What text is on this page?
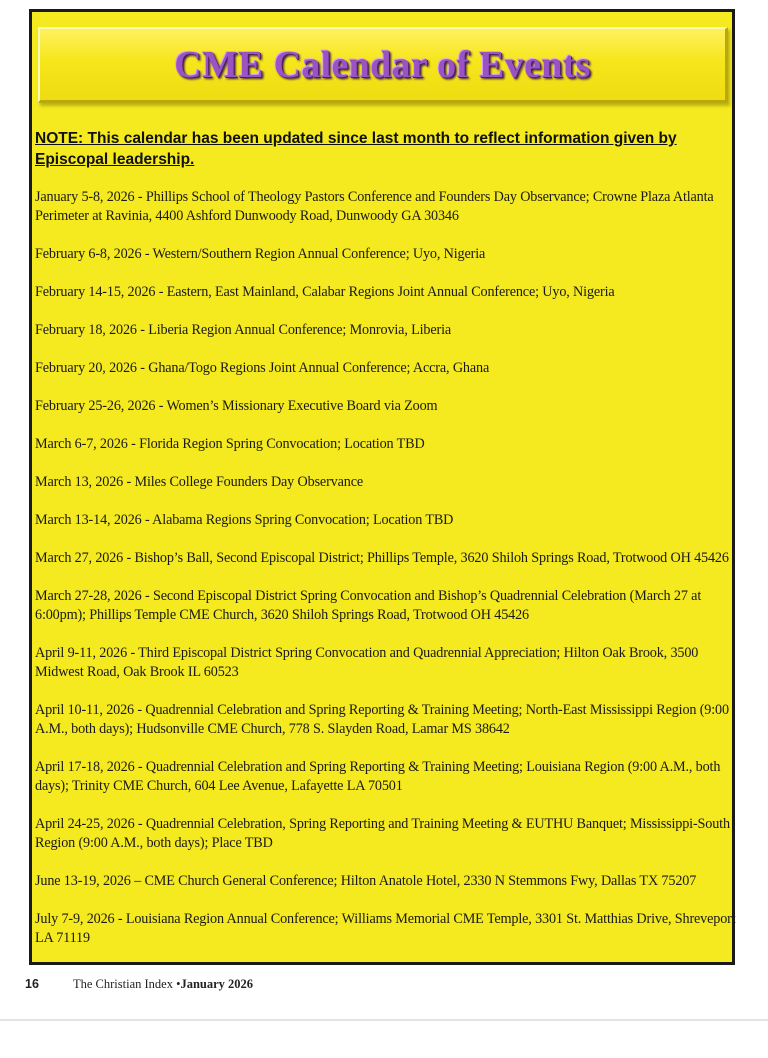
CME Calendar of Events

NOTE: This calendar has been updated since last month to reflect information given by Episcopal leadership.

January 5-8, 2026 - Phillips School of Theology Pastors Conference and Founders Day Observance; Crowne Plaza Atlanta Perimeter at Ravinia, 4400 Ashford Dunwoody Road, Dunwoody GA 30346
February 6-8, 2026 - Western/Southern Region Annual Conference; Uyo, Nigeria
February 14-15, 2026 - Eastern, East Mainland, Calabar Regions Joint Annual Conference; Uyo, Nigeria
February 18, 2026 - Liberia Region Annual Conference; Monrovia, Liberia
February 20, 2026 - Ghana/Togo Regions Joint Annual Conference; Accra, Ghana
February 25-26, 2026 - Women’s Missionary Executive Board via Zoom
March 6-7, 2026 - Florida Region Spring Convocation; Location TBD
March 13, 2026 - Miles College Founders Day Observance
March 13-14, 2026 - Alabama Regions Spring Convocation; Location TBD
March 27, 2026 - Bishop’s Ball, Second Episcopal District; Phillips Temple, 3620 Shiloh Springs Road, Trotwood OH 45426
March 27-28, 2026 - Second Episcopal District Spring Convocation and Bishop’s Quadrennial Celebration (March 27 at 6:00pm); Phillips Temple CME Church, 3620 Shiloh Springs Road, Trotwood OH 45426
April 9-11, 2026 - Third Episcopal District Spring Convocation and Quadrennial Appreciation; Hilton Oak Brook, 3500 Midwest Road, Oak Brook IL 60523
April 10-11, 2026 - Quadrennial Celebration and Spring Reporting & Training Meeting; North-East Mississippi Region (9:00 A.M., both days); Hudsonville CME Church, 778 S. Slayden Road, Lamar MS 38642
April 17-18, 2026 - Quadrennial Celebration and Spring Reporting & Training Meeting; Louisiana Region (9:00 A.M., both days); Trinity CME Church, 604 Lee Avenue, Lafayette LA 70501
April 24-25, 2026 - Quadrennial Celebration, Spring Reporting and Training Meeting & EUTHU Banquet; Mississippi-South Region (9:00 A.M., both days); Place TBD
June 13-19, 2026 – CME Church General Conference; Hilton Anatole Hotel, 2330 N Stemmons Fwy, Dallas TX 75207
July 7-9, 2026 - Louisiana Region Annual Conference; Williams Memorial CME Temple, 3301 St. Matthias Drive, Shreveport LA 71119
16	The Christian Index • January 2026
